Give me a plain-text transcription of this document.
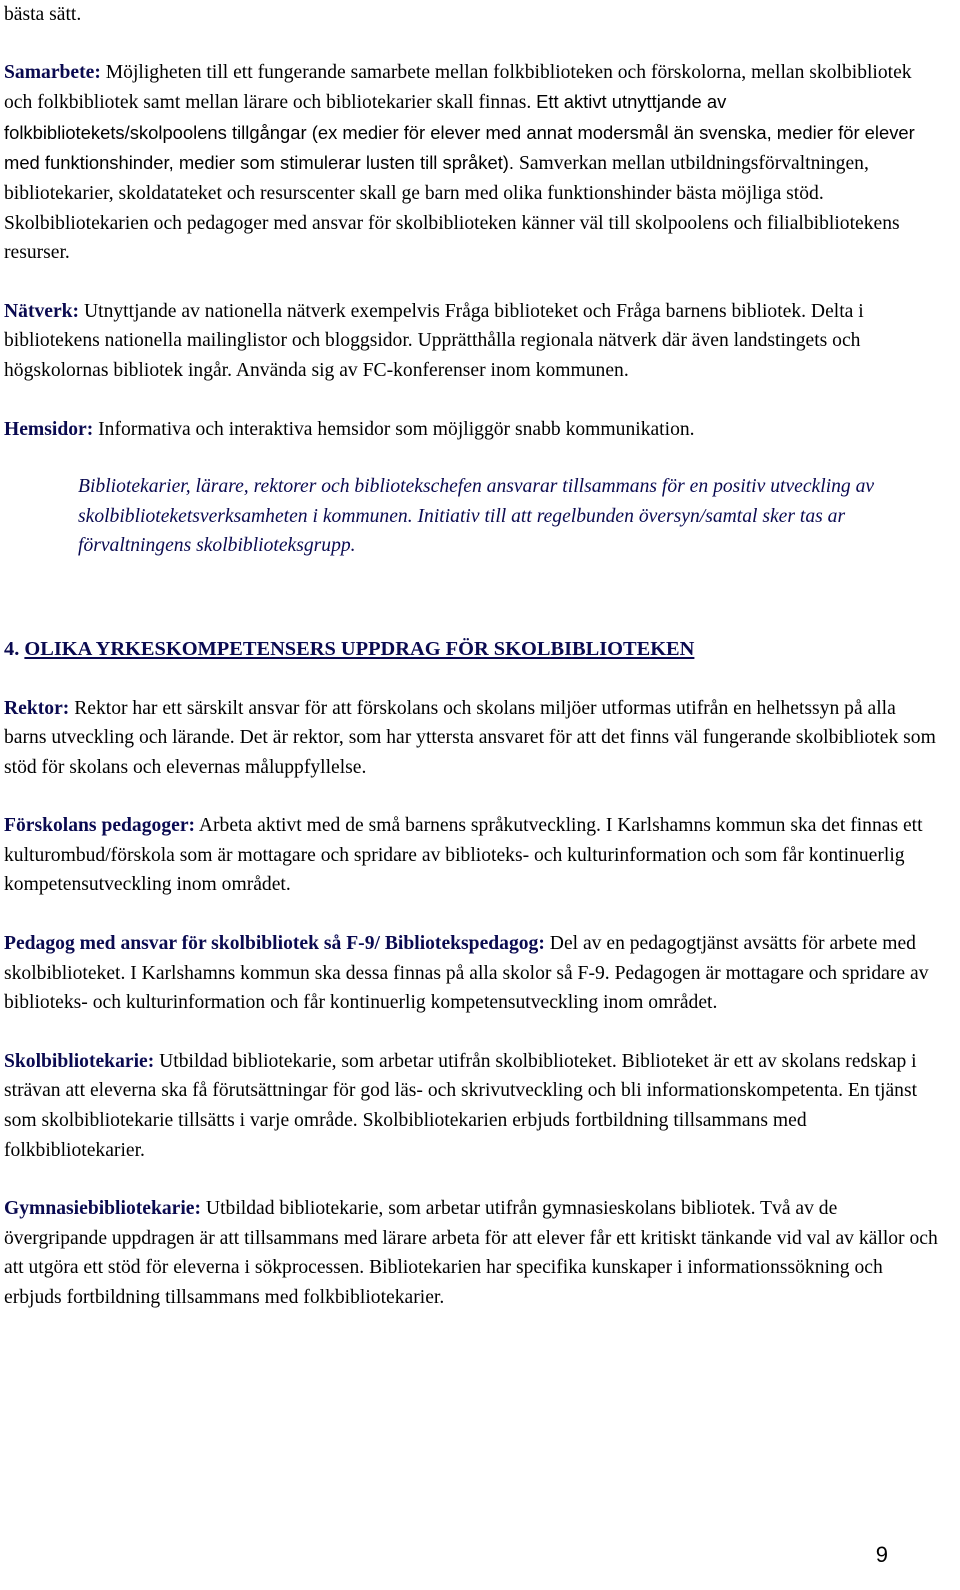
bästa sätt.

Samarbete: Möjligheten till ett fungerande samarbete mellan folkbiblioteken och förskolorna, mellan skolbibliotek och folkbibliotek samt mellan lärare och bibliotekarier skall finnas. Ett aktivt utnyttjande av folkbibliotekets/skolpoolens tillgångar (ex medier för elever med annat modersmål än svenska, medier för elever med funktionshinder, medier som stimulerar lusten till språket). Samverkan mellan utbildningsförvaltningen, bibliotekarier, skoldatateket och resurscenter skall ge barn med olika funktionshinder bästa möjliga stöd. Skolbibliotekarien och pedagoger med ansvar för skolbiblioteken känner väl till skolpoolens och filialbibliotekens resurser.

Nätverk: Utnyttjande av nationella nätverk exempelvis Fråga biblioteket och Fråga barnens bibliotek. Delta i bibliotekens nationella mailinglistor och bloggsidor. Upprätthålla regionala nätverk där även landstingets och högskolornas bibliotek ingår. Använda sig av FC-konferenser inom kommunen.

Hemsidor: Informativa och interaktiva hemsidor som möjliggör snabb kommunikation.

Bibliotekarier, lärare, rektorer och bibliotekschefen ansvarar tillsammans för en positiv utveckling av skolbiblioteketsverksamheten i kommunen. Initiativ till att regelbunden översyn/samtal sker tas ar förvaltningens skolbiblioteksgrupp.

4. OLIKA YRKESKOMPETENSERS UPPDRAG FÖR SKOLBIBLIOTEKEN

Rektor: Rektor har ett särskilt ansvar för att förskolans och skolans miljöer utformas utifrån en helhetssyn på alla barns utveckling och lärande. Det är rektor, som har yttersta ansvaret för att det finns väl fungerande skolbibliotek som stöd för skolans och elevernas måluppfyllelse.

Förskolans pedagoger: Arbeta aktivt med de små barnens språkutveckling. I Karlshamns kommun ska det finnas ett kulturombud/förskola som är mottagare och spridare av biblioteks- och kulturinformation och som får kontinuerlig kompetensutveckling inom området.

Pedagog med ansvar för skolbibliotek så F-9/ Bibliotekspedagog: Del av en pedagogtjänst avsätts för arbete med skolbiblioteket. I Karlshamns kommun ska dessa finnas på alla skolor så F-9. Pedagogen är mottagare och spridare av biblioteks- och kulturinformation och får kontinuerlig kompetensutveckling inom området.

Skolbibliotekarie: Utbildad bibliotekarie, som arbetar utifrån skolbiblioteket. Biblioteket är ett av skolans redskap i strävan att eleverna ska få förutsättningar för god läs- och skrivutveckling och bli informationskompetenta. En tjänst som skolbibliotekarie tillsätts i varje område. Skolbibliotekarien erbjuds fortbildning tillsammans med folkbibliotekarier.

Gymnasiebibliotekarie: Utbildad bibliotekarie, som arbetar utifrån gymnasieskolans bibliotek. Två av de övergripande uppdragen är att tillsammans med lärare arbeta för att elever får ett kritiskt tänkande vid val av källor och att utgöra ett stöd för eleverna i sökprocessen. Bibliotekarien har specifika kunskaper i informationssökning och erbjuds fortbildning tillsammans med folkbibliotekarier.

9
